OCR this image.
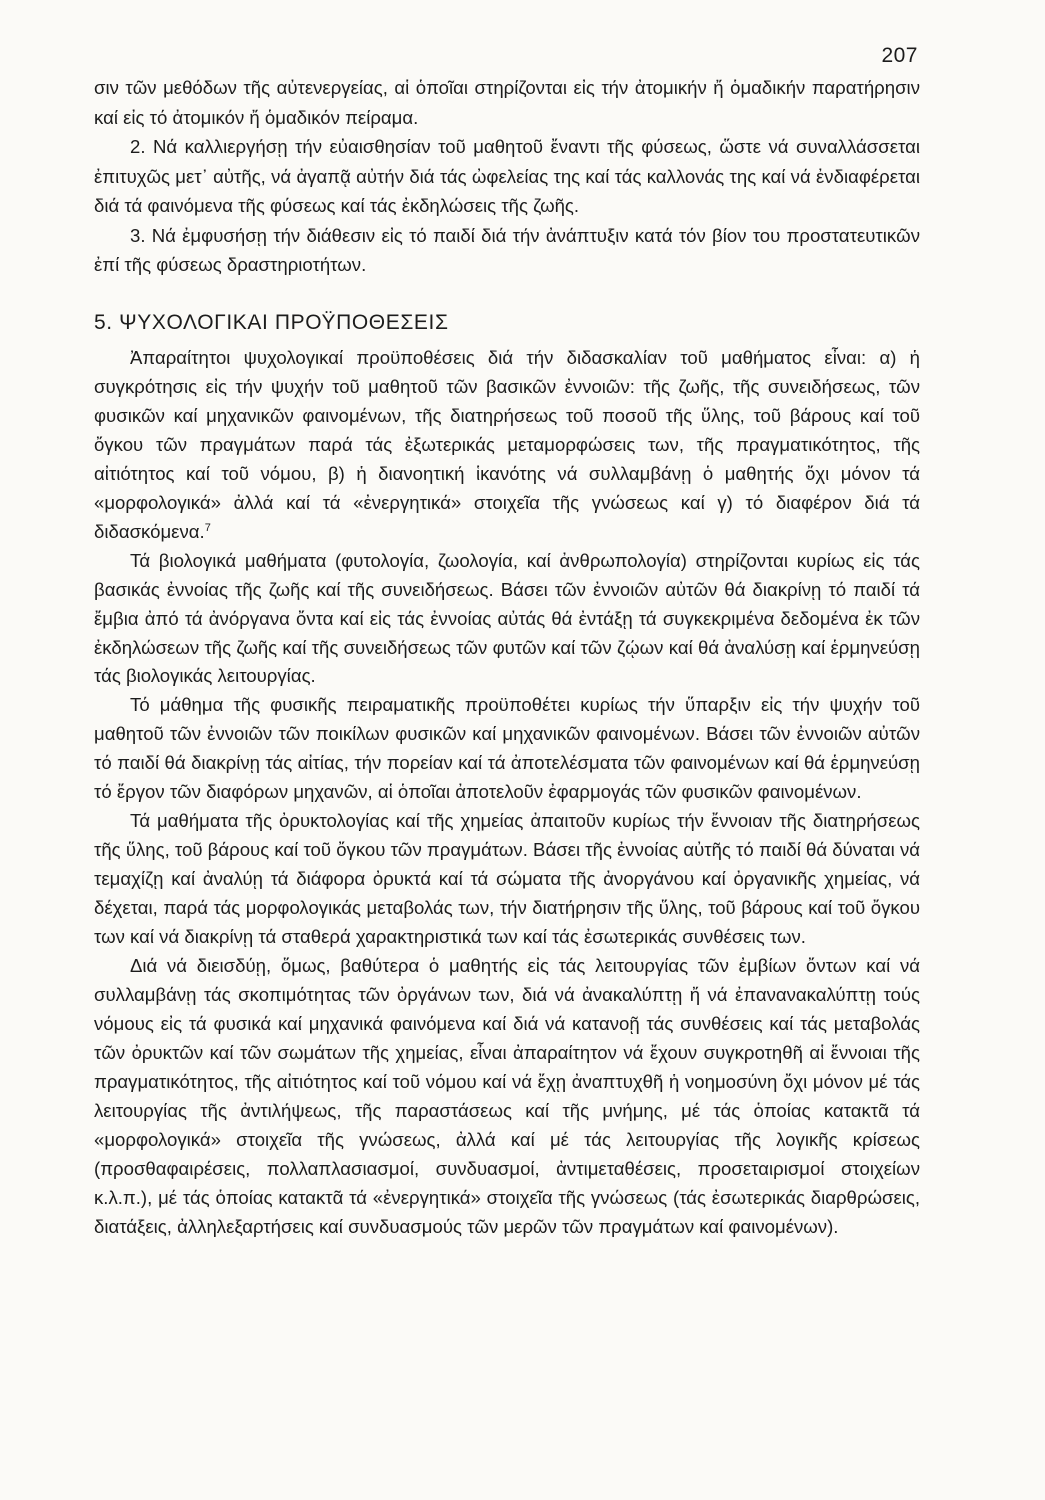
207

σιν τῶν μεθόδων τῆς αὐτενεργείας, αἱ ὁποῖαι στηρίζονται εἰς τήν ἀτομικήν ἤ ὁμαδικήν παρατήρησιν καί εἰς τό ἀτομικόν ἤ ὁμαδικόν πείραμα.

2. Νά καλλιεργήσῃ τήν εὐαισθησίαν τοῦ μαθητοῦ ἔναντι τῆς φύσεως, ὥστε νά συναλλάσσεται ἐπιτυχῶς μετ᾽ αὐτῆς, νά ἀγαπᾷ αὐτήν διά τάς ὠφελείας της καί τάς καλλονάς της καί νά ἐνδιαφέρεται διά τά φαινόμενα τῆς φύσεως καί τάς ἐκδηλώσεις τῆς ζωῆς.

3. Νά ἐμφυσήσῃ τήν διάθεσιν εἰς τό παιδί διά τήν ἀνάπτυξιν κατά τόν βίον του προστατευτικῶν ἐπί τῆς φύσεως δραστηριοτήτων.

5. ΨΥΧΟΛΟΓΙΚΑΙ ΠΡΟΫΠΟΘΕΣΕΙΣ

Ἀπαραίτητοι ψυχολογικαί προϋποθέσεις διά τήν διδασκαλίαν τοῦ μαθήματος εἶναι: α) ἡ συγκρότησις εἰς τήν ψυχήν τοῦ μαθητοῦ τῶν βασικῶν ἐννοιῶν: τῆς ζωῆς, τῆς συνειδήσεως, τῶν φυσικῶν καί μηχανικῶν φαινομένων, τῆς διατηρήσεως τοῦ ποσοῦ τῆς ὕλης, τοῦ βάρους καί τοῦ ὄγκου τῶν πραγμάτων παρά τάς ἐξωτερικάς μεταμορφώσεις των, τῆς πραγματικότητος, τῆς αἰτιότητος καί τοῦ νόμου, β) ἡ διανοητική ἱκανότης νά συλλαμβάνῃ ὁ μαθητής ὄχι μόνον τά «μορφολογικά» ἀλλά καί τά «ἐνεργητικά» στοιχεῖα τῆς γνώσεως καί γ) τό διαφέρον διά τά διδασκόμενα.$^7$

Τά βιολογικά μαθήματα (φυτολογία, ζωολογία, καί ἀνθρωπολογία) στηρίζονται κυρίως εἰς τάς βασικάς ἐννοίας τῆς ζωῆς καί τῆς συνειδήσεως. Βάσει τῶν ἐννοιῶν αὐτῶν θά διακρίνῃ τό παιδί τά ἔμβια ἀπό τά ἀνόργανα ὄντα καί εἰς τάς ἐννοίας αὐτάς θά ἐντάξῃ τά συγκεκριμένα δεδομένα ἐκ τῶν ἐκδηλώσεων τῆς ζωῆς καί τῆς συνειδήσεως τῶν φυτῶν καί τῶν ζῴων καί θά ἀναλύσῃ καί ἑρμηνεύσῃ τάς βιολογικάς λειτουργίας.

Τό μάθημα τῆς φυσικῆς πειραματικῆς προϋποθέτει κυρίως τήν ὕπαρξιν εἰς τήν ψυχήν τοῦ μαθητοῦ τῶν ἐννοιῶν τῶν ποικίλων φυσικῶν καί μηχανικῶν φαινομένων. Βάσει τῶν ἐννοιῶν αὐτῶν τό παιδί θά διακρίνῃ τάς αἰτίας, τήν πορείαν καί τά ἀποτελέσματα τῶν φαινομένων καί θά ἑρμηνεύσῃ τό ἔργον τῶν διαφόρων μηχανῶν, αἱ ὁποῖαι ἀποτελοῦν ἐφαρμογάς τῶν φυσικῶν φαινομένων.

Τά μαθήματα τῆς ὀρυκτολογίας καί τῆς χημείας ἀπαιτοῦν κυρίως τήν ἔννοιαν τῆς διατηρήσεως τῆς ὕλης, τοῦ βάρους καί τοῦ ὄγκου τῶν πραγμάτων. Βάσει τῆς ἐννοίας αὐτῆς τό παιδί θά δύναται νά τεμαχίζῃ καί ἀναλύῃ τά διάφορα ὀρυκτά καί τά σώματα τῆς ἀνοργάνου καί ὀργανικῆς χημείας, νά δέχεται, παρά τάς μορφολογικάς μεταβολάς των, τήν διατήρησιν τῆς ὕλης, τοῦ βάρους καί τοῦ ὄγκου των καί νά διακρίνῃ τά σταθερά χαρακτηριστικά των καί τάς ἐσωτερικάς συνθέσεις των.

Διά νά διεισδύῃ, ὅμως, βαθύτερα ὁ μαθητής εἰς τάς λειτουργίας τῶν ἐμβίων ὄντων καί νά συλλαμβάνῃ τάς σκοπιμότητας τῶν ὀργάνων των, διά νά ἀνακαλύπτῃ ἤ νά ἐπανανακαλύπτῃ τούς νόμους εἰς τά φυσικά καί μηχανικά φαινόμενα καί διά νά κατανοῇ τάς συνθέσεις καί τάς μεταβολάς τῶν ὀρυκτῶν καί τῶν σωμάτων τῆς χημείας, εἶναι ἀπαραίτητον νά ἔχουν συγκροτηθῆ αἱ ἔννοιαι τῆς πραγματικότητος, τῆς αἰτιότητος καί τοῦ νόμου καί νά ἔχῃ ἀναπτυχθῆ ἡ νοημοσύνη ὄχι μόνον μέ τάς λειτουργίας τῆς ἀντιλήψεως, τῆς παραστάσεως καί τῆς μνήμης, μέ τάς ὁποίας κατακτᾶ τά «μορφολογικά» στοιχεῖα τῆς γνώσεως, ἀλλά καί μέ τάς λειτουργίας τῆς λογικῆς κρίσεως (προσθαφαιρέσεις, πολλαπλασιασμοί, συνδυασμοί, ἀντιμεταθέσεις, προσεταιρισμοί στοιχείων κ.λ.π.), μέ τάς ὁποίας κατακτᾶ τά «ἐνεργητικά» στοιχεῖα τῆς γνώσεως (τάς ἐσωτερικάς διαρθρώσεις, διατάξεις, ἀλληλεξαρτήσεις καί συνδυασμούς τῶν μερῶν τῶν πραγμάτων καί φαινομένων).
